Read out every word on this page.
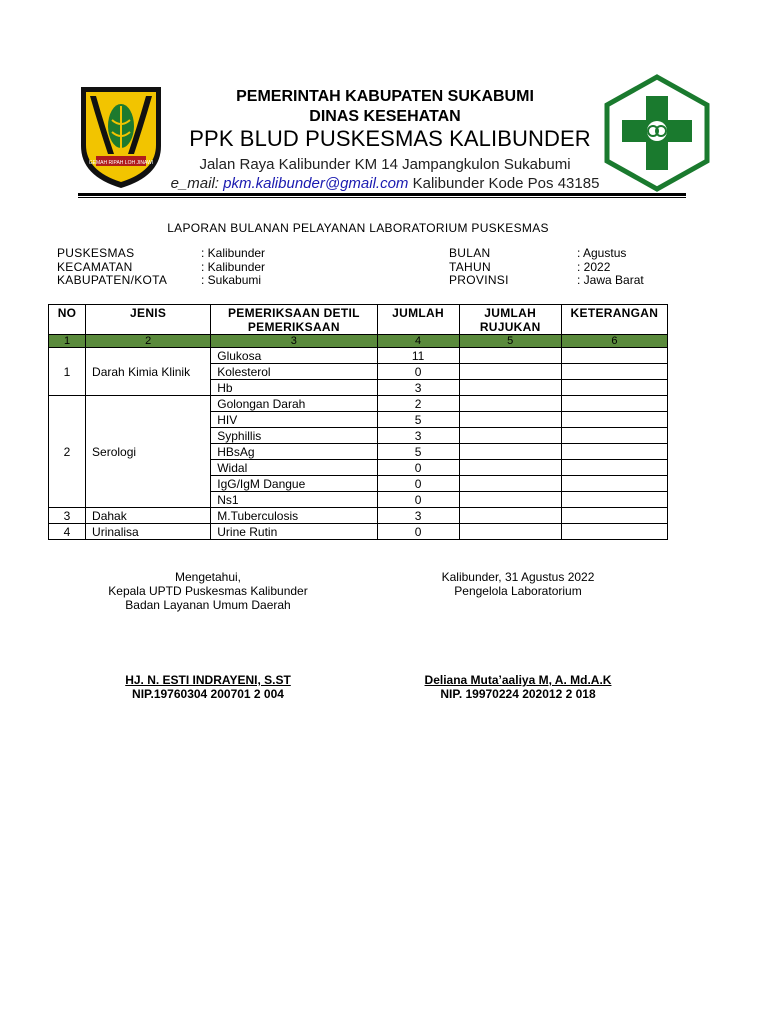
GEMAH RIPAH LOH JINAWI
PEMERINTAH KABUPATEN SUKABUMI
DINAS KESEHATAN
PPK BLUD PUSKESMAS KALIBUNDER
Jalan Raya Kalibunder KM 14 Jampangkulon Sukabumi
e_mail: pkm.kalibunder@gmail.com Kalibunder Kode Pos 43185
LAPORAN BULANAN PELAYANAN LABORATORIUM PUSKESMAS
PUSKESMAS	: Kalibunder
KECAMATAN	: Kalibunder
KABUPATEN/KOTA	: Sukabumi
BULAN	: Agustus
TAHUN	: 2022
PROVINSI	: Jawa Barat
NO	JENIS	PEMERIKSAAN DETIL PEMERIKSAAN	JUMLAH	JUMLAH RUJUKAN	KETERANGAN
1	2	3	4	5	6
1	Darah Kimia Klinik	Glukosa	11		
		Kolesterol	0		
		Hb	3		
2	Serologi	Golongan Darah	2		
		HIV	5		
		Syphillis	3		
		HBsAg	5		
		Widal	0		
		IgG/IgM Dangue	0		
		Ns1	0		
3	Dahak	M.Tuberculosis	3		
4	Urinalisa	Urine Rutin	0		
Mengetahui,
Kepala UPTD Puskesmas Kalibunder
Badan Layanan Umum Daerah
Kalibunder, 31 Agustus 2022
Pengelola Laboratorium
HJ. N. ESTI INDRAYENI, S.ST
NIP.19760304 200701 2 004
Deliana Muta’aaliya M, A. Md.A.K
NIP. 19970224 202012 2 018
